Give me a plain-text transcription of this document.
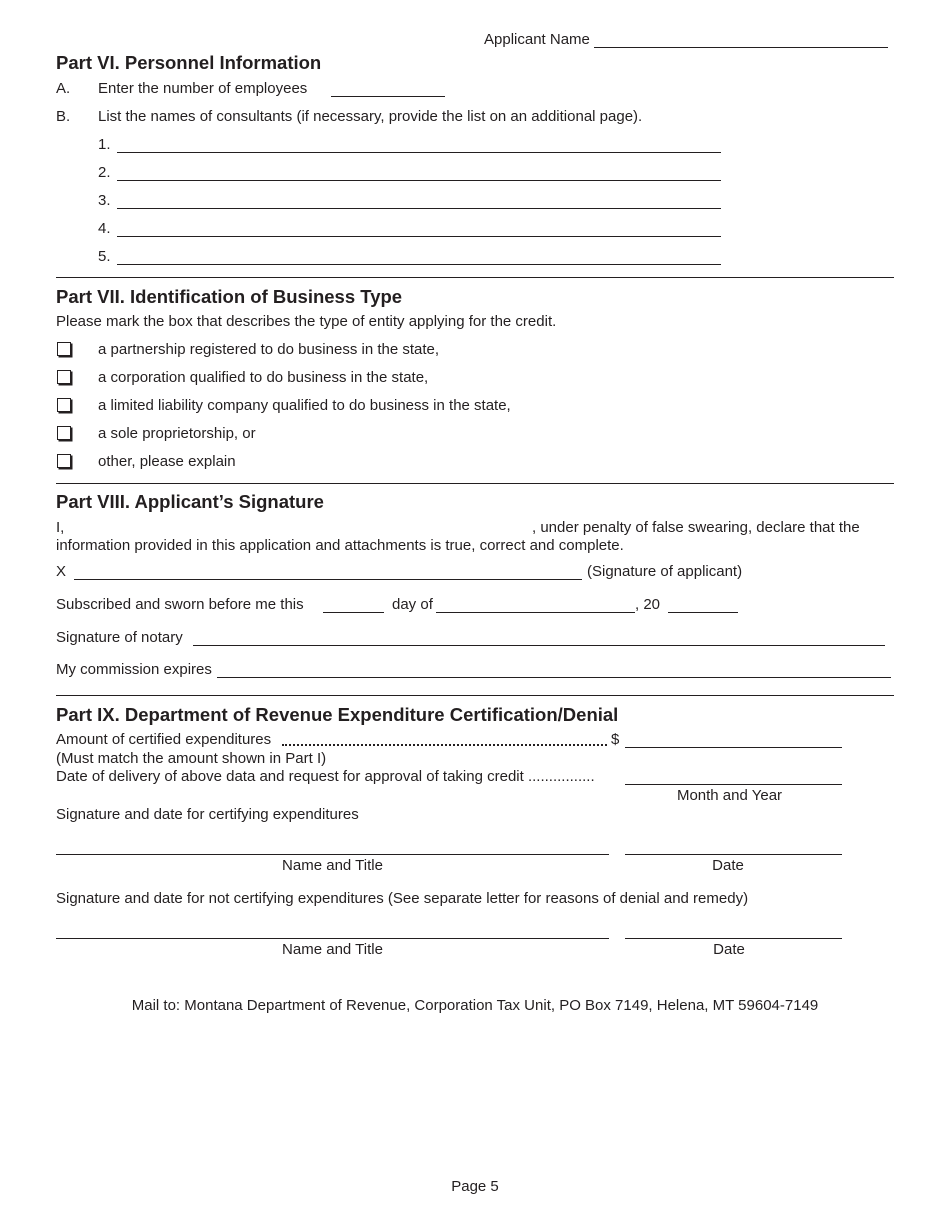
Applicant Name
Part VI. Personnel Information
A. Enter the number of employees
B. List the names of consultants (if necessary, provide the list on an additional page).
1.
2.
3.
4.
5.
Part VII. Identification of Business Type
Please mark the box that describes the type of entity applying for the credit.
a partnership registered to do business in the state,
a corporation qualified to do business in the state,
a limited liability company qualified to do business in the state,
a sole proprietorship, or
other, please explain
Part VIII. Applicant’s Signature
I,	, under penalty of false swearing, declare that the
information provided in this application and attachments is true, correct and complete.
X	(Signature of applicant)
Subscribed and sworn before me this	day of	, 20
Signature of notary
My commission expires
Part IX. Department of Revenue Expenditure Certification/Denial
Amount of certified expenditures	$
(Must match the amount shown in Part I)
Date of delivery of above data and request for approval of taking credit ................
Month and Year
Signature and date for certifying expenditures
Name and Title	Date
Signature and date for not certifying expenditures (See separate letter for reasons of denial and remedy)
Name and Title	Date
Mail to: Montana Department of Revenue, Corporation Tax Unit, PO Box 7149, Helena, MT 59604-7149
Page 5
